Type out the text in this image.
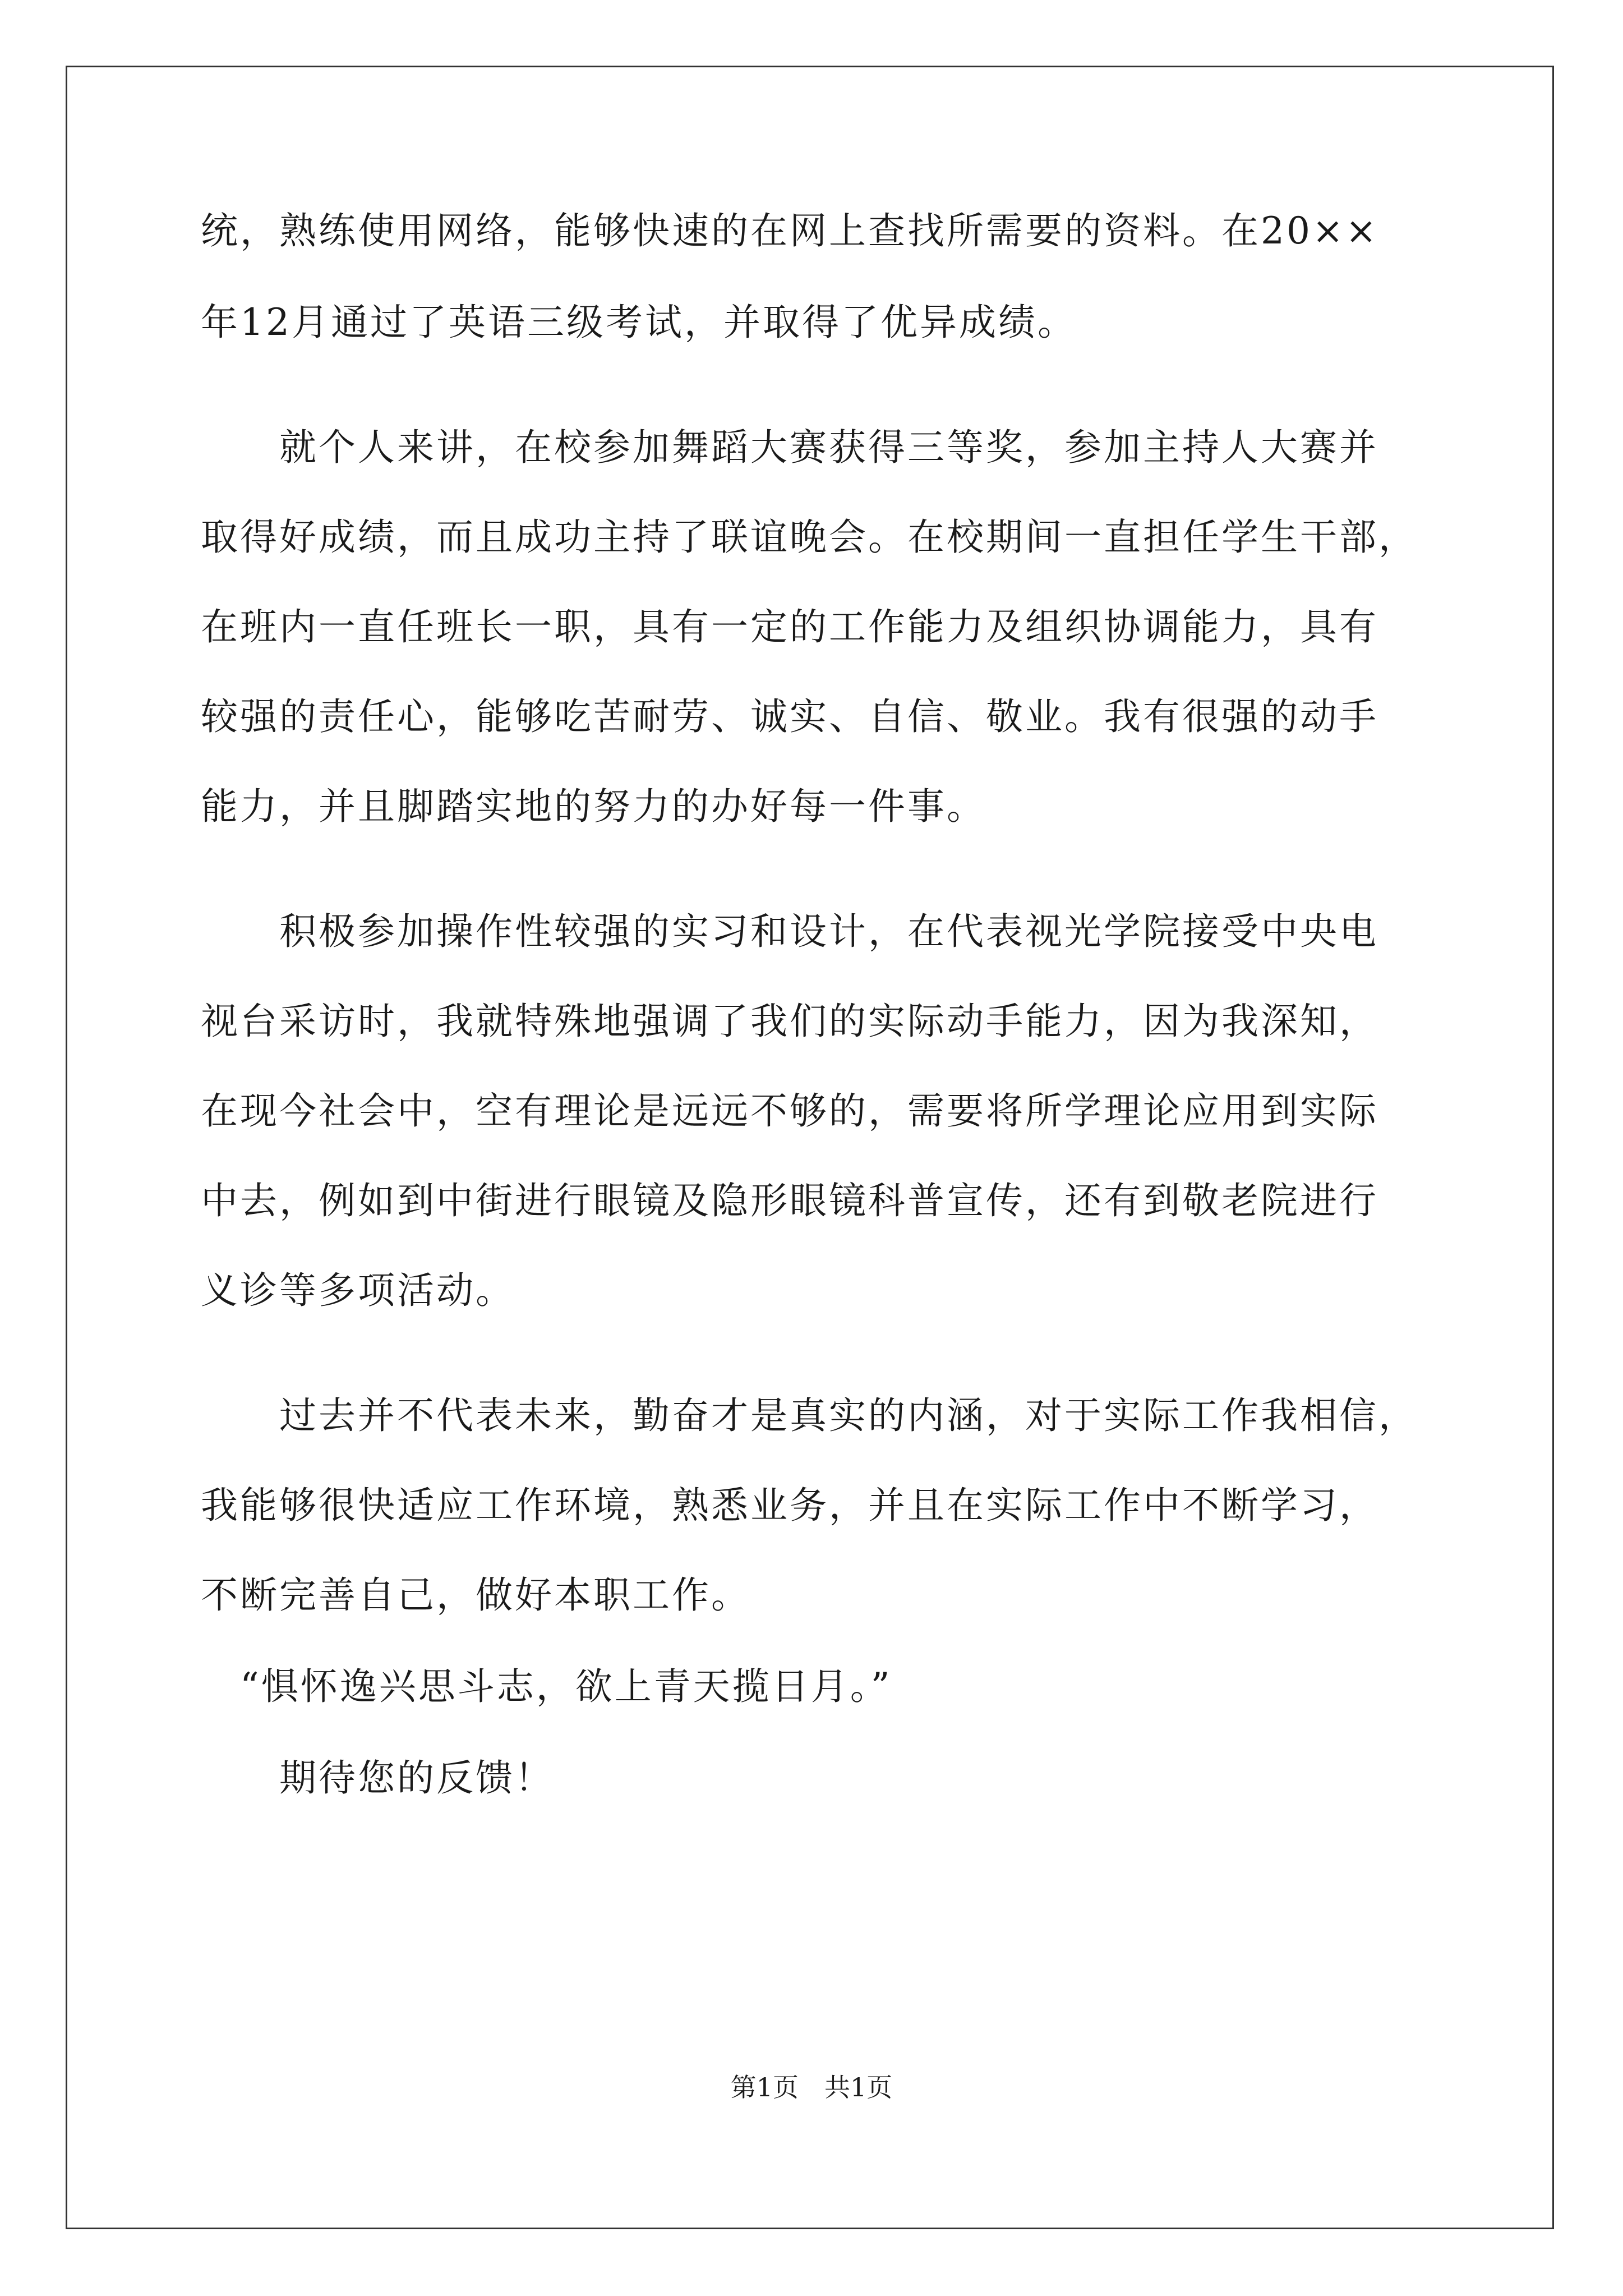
统，熟练使用网络，能够快速的在网上查找所需要的资料。在20××
年12月通过了英语三级考试，并取得了优异成绩。
　　就个人来讲，在校参加舞蹈大赛获得三等奖，参加主持人大赛并
取得好成绩，而且成功主持了联谊晚会。在校期间一直担任学生干部，
在班内一直任班长一职，具有一定的工作能力及组织协调能力，具有
较强的责任心，能够吃苦耐劳、诚实、自信、敬业。我有很强的动手
能力，并且脚踏实地的努力的办好每一件事。
　　积极参加操作性较强的实习和设计，在代表视光学院接受中央电
视台采访时，我就特殊地强调了我们的实际动手能力，因为我深知，
在现今社会中，空有理论是远远不够的，需要将所学理论应用到实际
中去，例如到中街进行眼镜及隐形眼镜科普宣传，还有到敬老院进行
义诊等多项活动。
　　过去并不代表未来，勤奋才是真实的内涵，对于实际工作我相信，
我能够很快适应工作环境，熟悉业务，并且在实际工作中不断学习，
不断完善自己，做好本职工作。
　“惧怀逸兴思斗志，欲上青天揽日月。”
　　期待您的反馈！
第1页　共1页
